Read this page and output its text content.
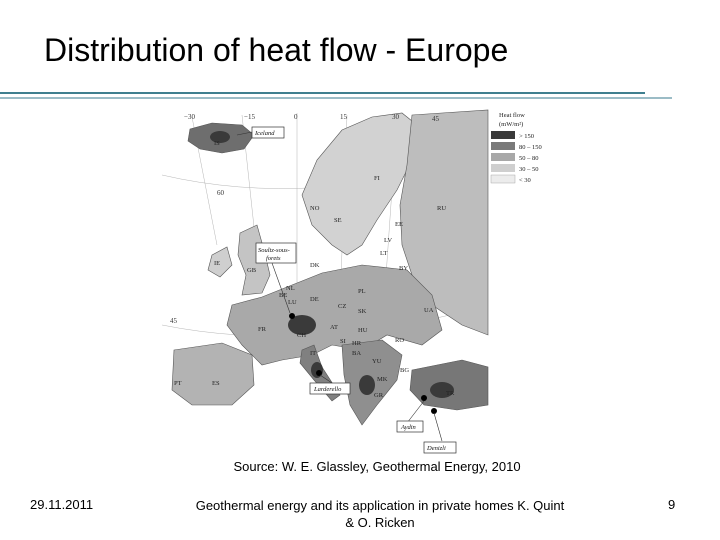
Distribution of heat flow - Europe
−30	−15	0	15	30	45
60
45
FI
NO
SE
RU
EE
LV
LT
BY
IE
GB
DK
NL
BE
LU DE
PL
CZ
SK	UA
AT	HU
FR
CH
SI HR
BA
RO
IT
PT	ES
YU
BG
MK
GR	TR
Iceland
Soultz-sous-
forets
Larderello
Aydin
Denizli
Heat flow
(mW/m²)
> 150
80 – 150
50 – 80
30 – 50
< 30
IS
Source: W. E. Glassley, Geothermal Energy, 2010
29.11.2011	Geothermal energy and its application in private homes K. Quint & O. Ricken
9
